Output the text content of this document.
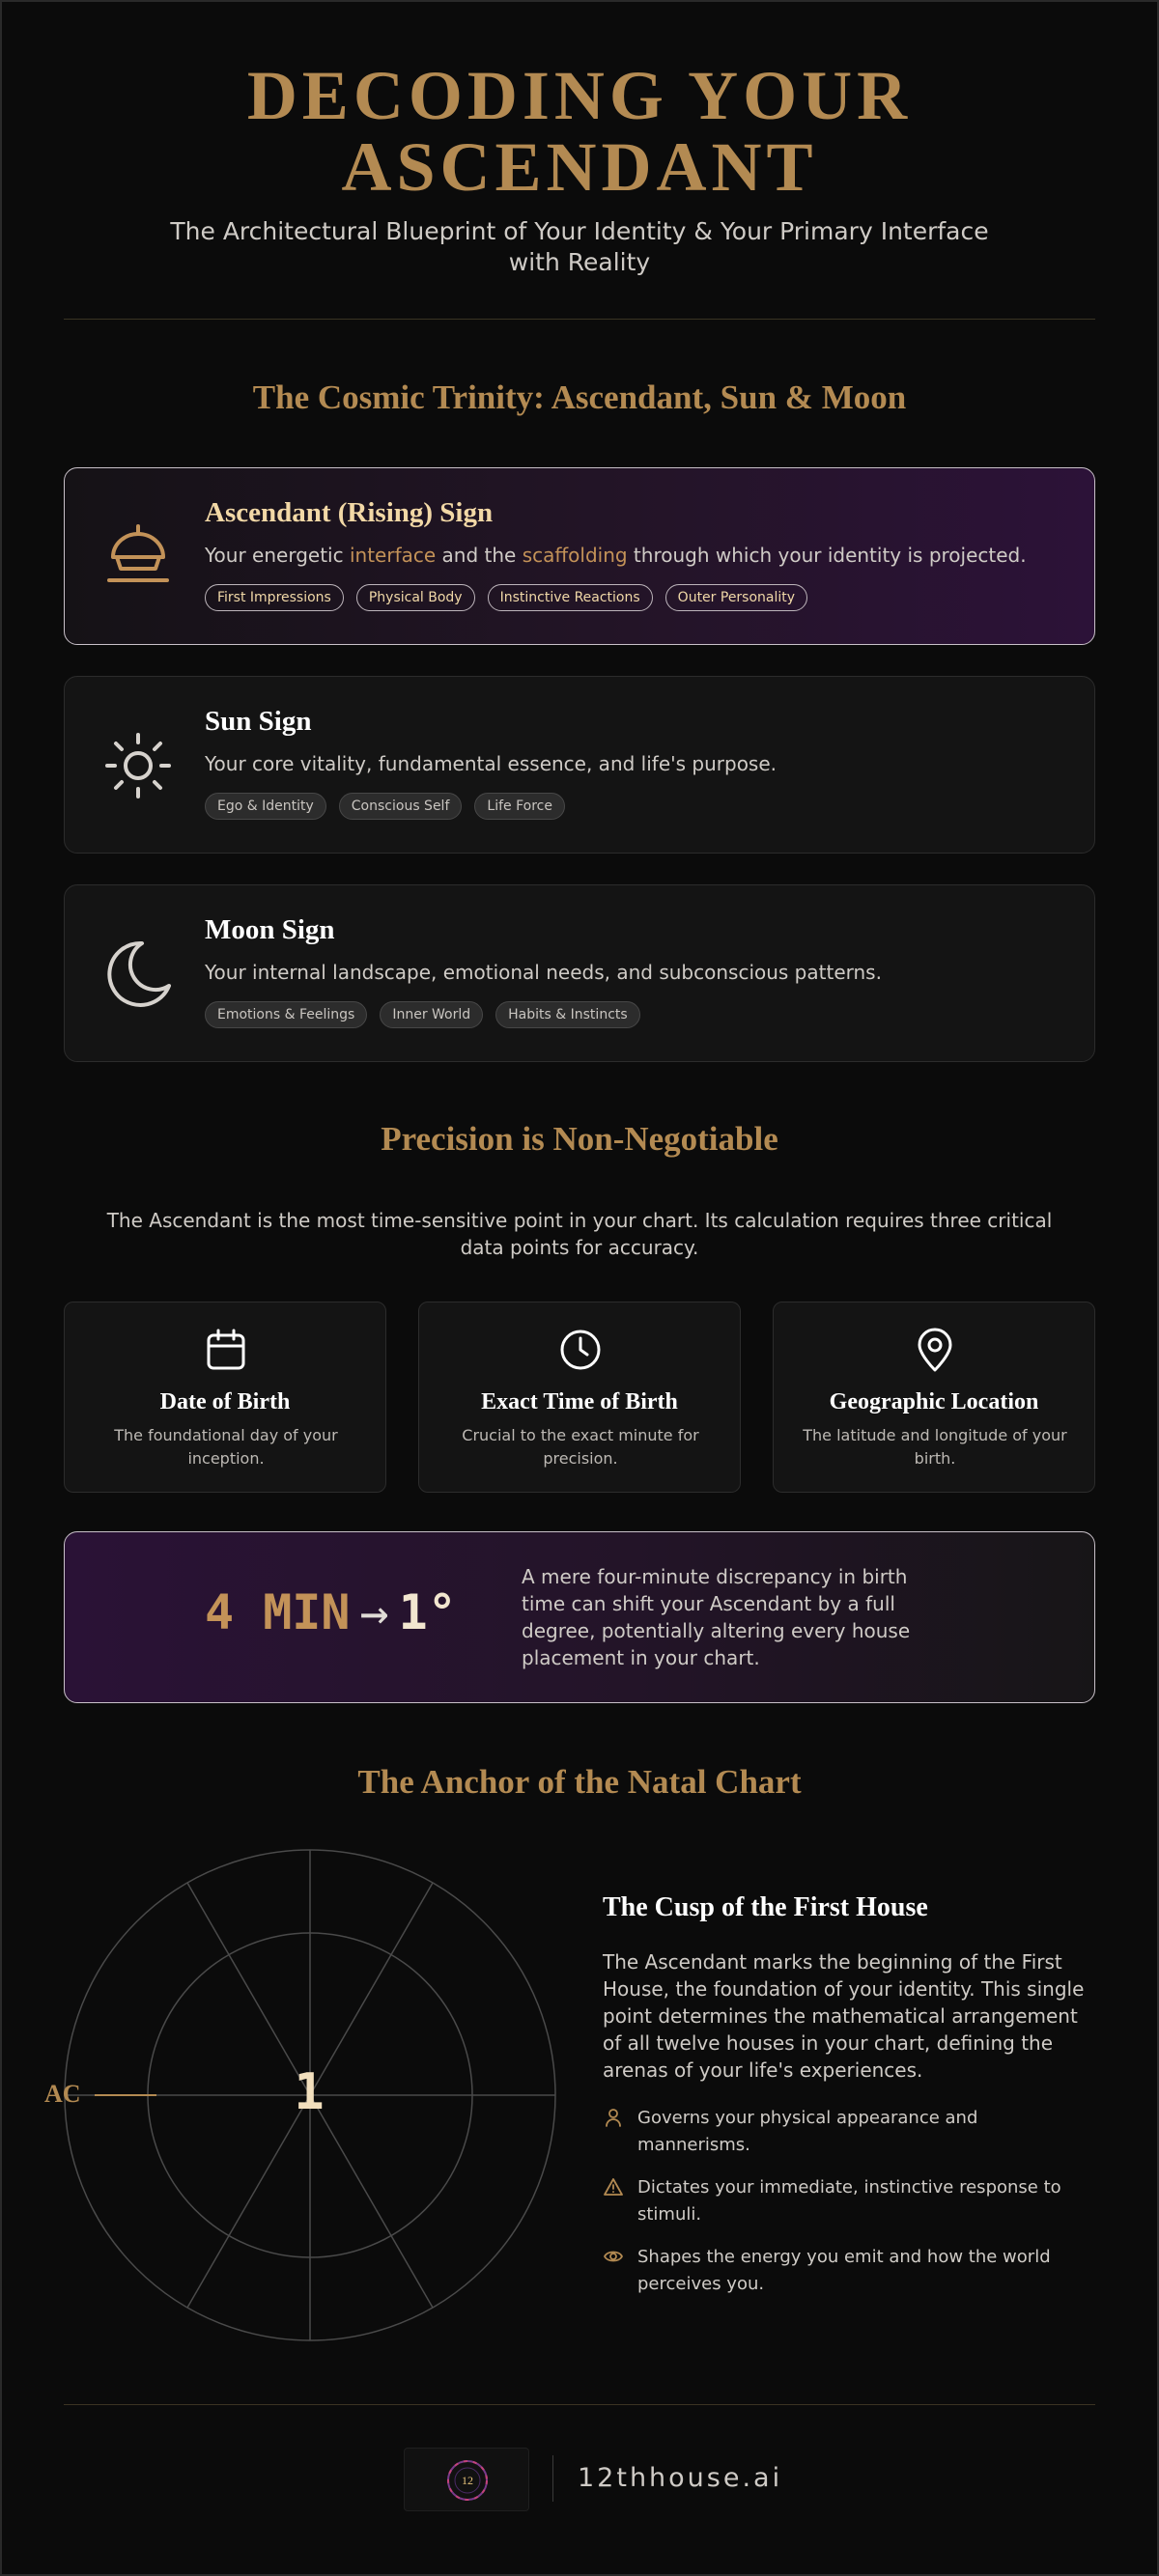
DECODING YOUR
ASCENDANT
The Architectural Blueprint of Your Identity & Your Primary Interface with Reality
The Cosmic Trinity: Ascendant, Sun & Moon
Ascendant (Rising) Sign
Your energetic interface and the scaffolding through which your identity is projected.
First Impressions	Physical Body	Instinctive Reactions	Outer Personality
Sun Sign
Your core vitality, fundamental essence, and life's purpose.
Ego & Identity	Conscious Self	Life Force
Moon Sign
Your internal landscape, emotional needs, and subconscious patterns.
Emotions & Feelings	Inner World	Habits & Instincts
Precision is Non-Negotiable
The Ascendant is the most time-sensitive point in your chart. Its calculation requires three critical data points for accuracy.
Date of Birth
The foundational day of your inception.
Exact Time of Birth
Crucial to the exact minute for precision.
Geographic Location
The latitude and longitude of your birth.
4 MIN → 1°
A mere four-minute discrepancy in birth time can shift your Ascendant by a full degree, potentially altering every house placement in your chart.
The Anchor of the Natal Chart
AC	1
The Cusp of the First House
The Ascendant marks the beginning of the First House, the foundation of your identity. This single point determines the mathematical arrangement of all twelve houses in your chart, defining the arenas of your life's experiences.
Governs your physical appearance and mannerisms.
Dictates your immediate, instinctive response to stimuli.
Shapes the energy you emit and how the world perceives you.
12	12thhouse.ai
